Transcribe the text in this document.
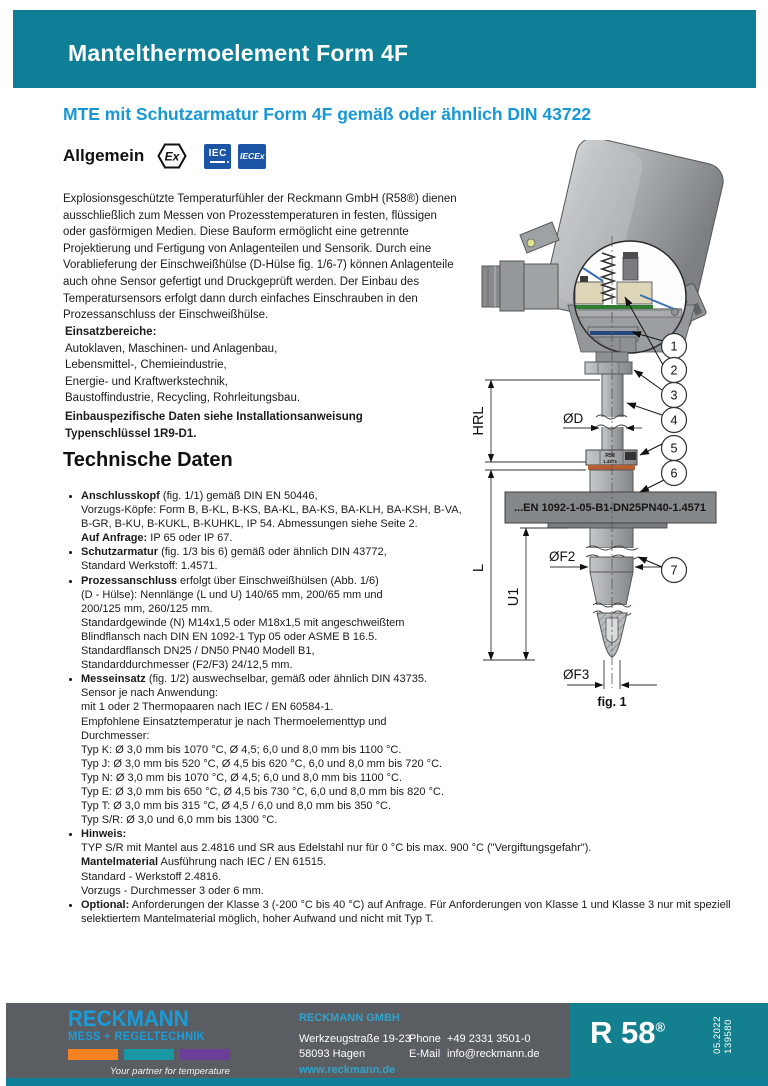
Mantelthermoelement Form 4F
MTE mit Schutzarmatur Form 4F gemäß oder ähnlich DIN 43722
Allgemein Ex	IEC IECEx

Explosionsgeschützte Temperaturfühler der Reckmann GmbH (R58®) dienen ausschließlich zum Messen von Prozesstemperaturen in festen, flüssigen oder gasförmigen Medien. Diese Bauform ermöglicht eine getrennte Projektierung und Fertigung von Anlagenteilen und Sensorik. Durch eine Vorablieferung der Einschweißhülse (D-Hülse fig. 1/6-7) können Anlagenteile auch ohne Sensor gefertigt und Druckgeprüft werden. Der Einbau des Temperatursensors erfolgt dann durch einfaches Einschrauben in den Prozessanschluss der Einschweißhülse.

Einsatzbereiche:
Autoklaven, Maschinen- und Anlagenbau,
Lebensmittel-, Chemieindustrie,
Energie- und Kraftwerkstechnik,
Baustoffindustrie, Recycling, Rohrleitungsbau.
Einbauspezifische Daten siehe Installationsanweisung
Typenschlüssel 1R9-D1.
Technische Daten
• Anschlusskopf (fig. 1/1) gemäß DIN EN 50446,
Vorzugs-Köpfe: Form B, B-KL, B-KS, BA-KL, BA-KS, BA-KLH, BA-KSH, B-VA,
B-GR, B-KU, B-KUKL, B-KUHKL, IP 54. Abmessungen siehe Seite 2.
Auf Anfrage: IP 65 oder IP 67.
• Schutzarmatur (fig. 1/3 bis 6) gemäß oder ähnlich DIN 43772,
Standard Werkstoff: 1.4571.
• Prozessanschluss erfolgt über Einschweißhülsen (Abb. 1/6)
(D - Hülse): Nennlänge (L und U) 140/65 mm, 200/65 mm und
200/125 mm, 260/125 mm.
Standardgewinde (N) M14x1,5 oder M18x1,5 mit angeschweißtem
Blindflansch nach DIN EN 1092-1 Typ 05 oder ASME B 16.5.
Standardflansch DN25 / DN50 PN40 Modell B1,
Standarddurchmesser (F2/F3) 24/12,5 mm.
• Messeinsatz (fig. 1/2) auswechselbar, gemäß oder ähnlich DIN 43735.
Sensor je nach Anwendung:
mit 1 oder 2 Thermopaaren nach IEC / EN 60584-1.
Empfohlene Einsatztemperatur je nach Thermoelementtyp und
Durchmesser:
Typ K: Ø 3,0 mm bis 1070 °C, Ø 4,5; 6,0 und 8,0 mm bis 1100 °C.
Typ J: Ø 3,0 mm bis 520 °C, Ø 4,5 bis 620 °C, 6,0 und 8,0 mm bis 720 °C.
Typ N: Ø 3,0 mm bis 1070 °C, Ø 4,5; 6,0 und 8,0 mm bis 1100 °C.
Typ E: Ø 3,0 mm bis 650 °C, Ø 4,5 bis 730 °C, 6,0 und 8,0 mm bis 820 °C.
Typ T: Ø 3,0 mm bis 315 °C, Ø 4,5 / 6,0 und 8,0 mm bis 350 °C.
Typ S/R: Ø 3,0 und 6,0 mm bis 1300 °C.
• Hinweis:
TYP S/R mit Mantel aus 2.4816 und SR aus Edelstahl nur für 0 °C bis max. 900 °C ("Vergiftungsgefahr").
Mantelmaterial Ausführung nach IEC / EN 61515.
Standard - Werkstoff 2.4816.
Vorzugs - Durchmesser 3 oder 6 mm.
• Optional: Anforderungen der Klasse 3 (-200 °C bis 40 °C) auf Anfrage. Für Anforderungen von Klasse 1 und Klasse 3 nur mit speziell
selektiertem Mantelmaterial möglich, hoher Aufwand und nicht mit Typ T.
R58
1.4571
...EN 1092-1-05-B1-DN25PN40-1.4571
HRL
L
U1
ØD
ØF2
ØF3
1
2
3
4
5
6
7
fig. 1
RECKMANN
MESS + REGELTECHNIK
Your partner for temperature
RECKMANN GMBH
Werkzeugstraße 19-23
58093 Hagen
Phone
E-Mail
+49 2331 3501-0
info@reckmann.de
www.reckmann.de
R 58®	05.2022 139580
